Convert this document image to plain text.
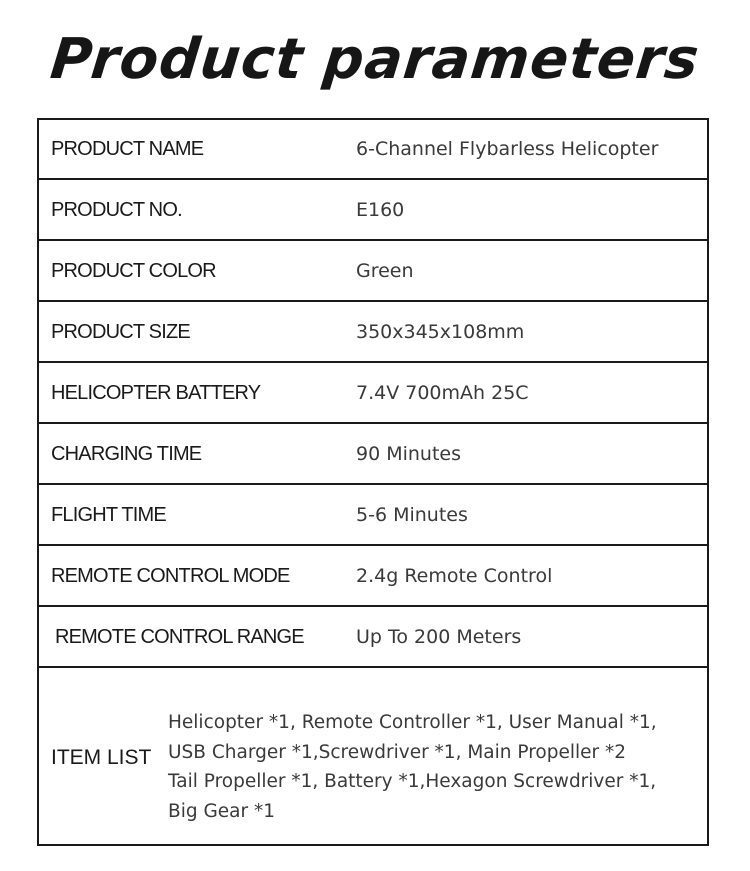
Product parameters
PRODUCT NAME	6-Channel Flybarless Helicopter
PRODUCT NO.	E160
PRODUCT COLOR	Green
PRODUCT SIZE	350x345x108mm
HELICOPTER BATTERY	7.4V 700mAh 25C
CHARGING TIME	90 Minutes
FLIGHT TIME	5-6 Minutes
REMOTE CONTROL MODE	2.4g Remote Control
REMOTE CONTROL RANGE	Up To 200 Meters
ITEM LIST
Helicopter *1, Remote Controller *1, User Manual *1,
USB Charger *1,Screwdriver *1, Main Propeller *2
Tail Propeller *1, Battery *1,Hexagon Screwdriver *1,
Big Gear *1
